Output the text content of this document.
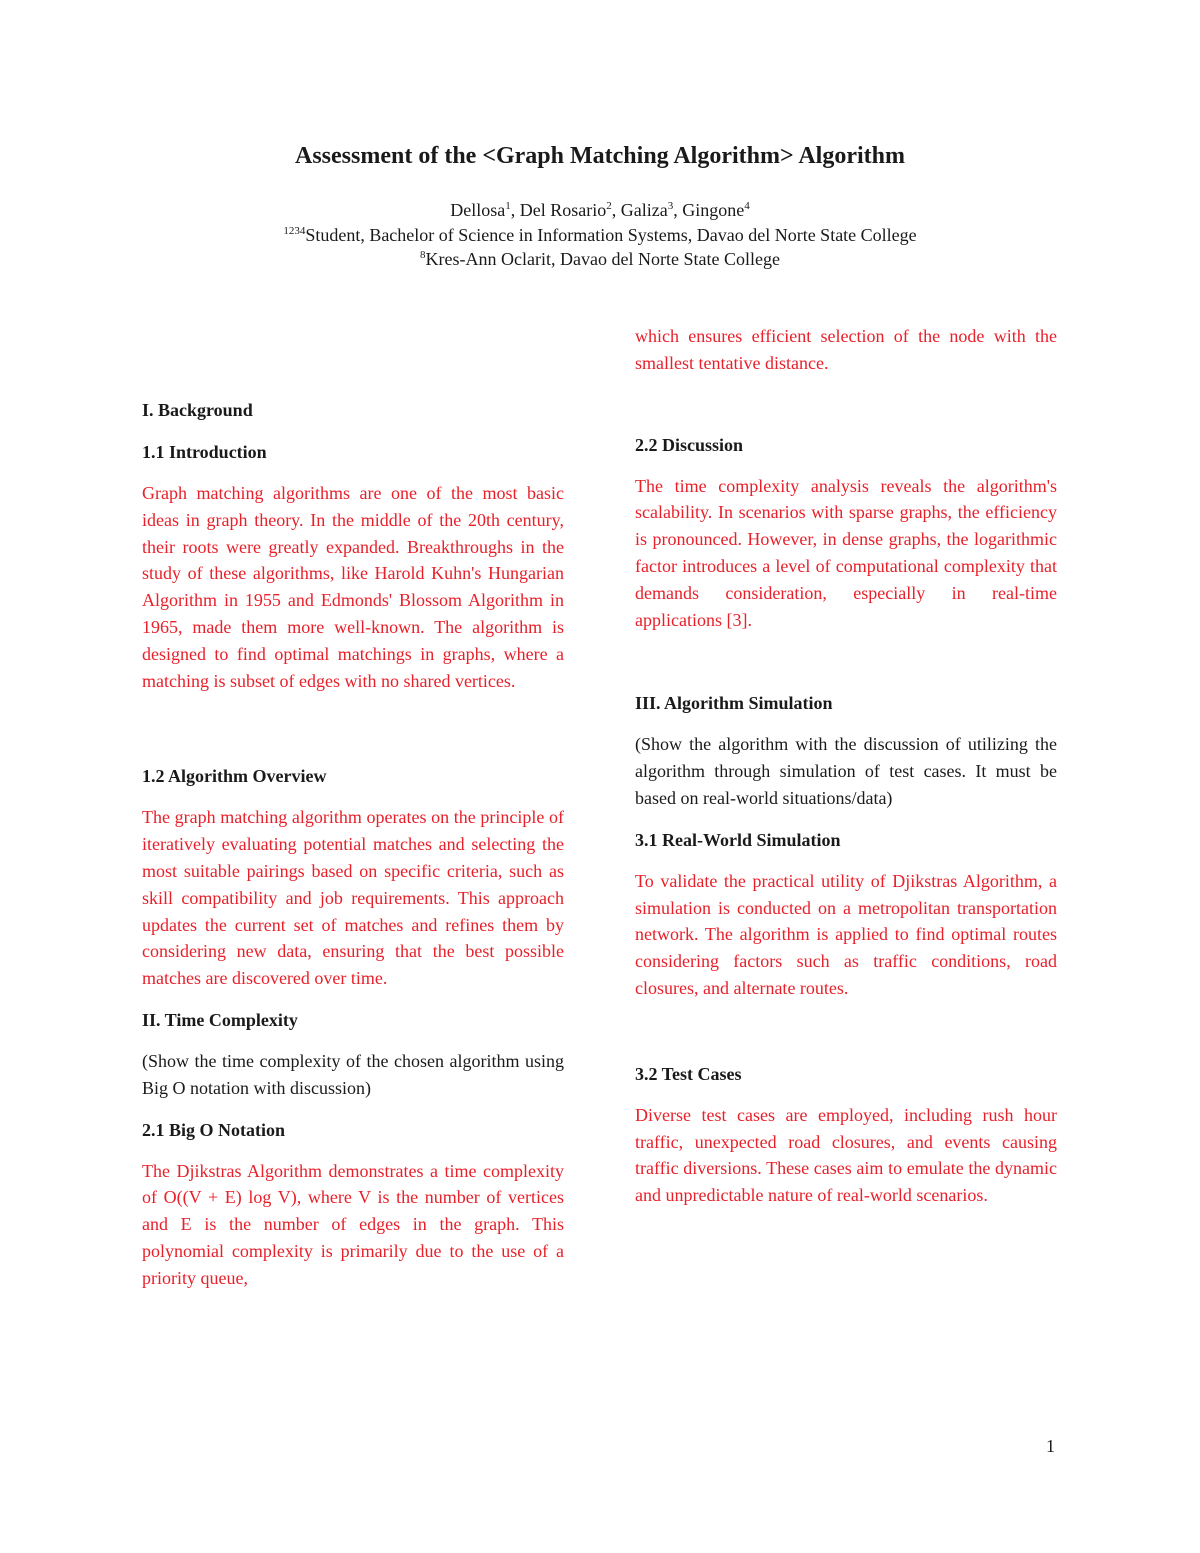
Assessment of the <Graph Matching Algorithm> Algorithm
Dellosa$^1$, Del Rosario$^2$, Galiza$^3$, Gingone$^4$
$^{1234}$Student, Bachelor of Science in Information Systems, Davao del Norte State College
$^8$Kres-Ann Oclarit, Davao del Norte State College
I. Background
1.1 Introduction

Graph matching algorithms are one of the most basic ideas in graph theory. In the middle of the 20th century, their roots were greatly expanded. Breakthroughs in the study of these algorithms, like Harold Kuhn's Hungarian Algorithm in 1955 and Edmonds' Blossom Algorithm in 1965, made them more well-known. The algorithm is designed to find optimal matchings in graphs, where a matching is subset of edges with no shared vertices.

1.2 Algorithm Overview

The graph matching algorithm operates on the principle of iteratively evaluating potential matches and selecting the most suitable pairings based on specific criteria, such as skill compatibility and job requirements. This approach updates the current set of matches and refines them by considering new data, ensuring that the best possible matches are discovered over time.

II. Time Complexity

(Show the time complexity of the chosen algorithm using Big O notation with discussion)

2.1 Big O Notation

The Djikstras Algorithm demonstrates a time complexity of O((V + E) log V), where V is the number of vertices and E is the number of edges in the graph. This polynomial complexity is primarily due to the use of a priority queue,

which ensures efficient selection of the node with the smallest tentative distance.

2.2 Discussion

The time complexity analysis reveals the algorithm's scalability. In scenarios with sparse graphs, the efficiency is pronounced. However, in dense graphs, the logarithmic factor introduces a level of computational complexity that demands consideration, especially in real-time applications [3].

III. Algorithm Simulation

(Show the algorithm with the discussion of utilizing the algorithm through simulation of test cases. It must be based on real-world situations/data)

3.1 Real-World Simulation

To validate the practical utility of Djikstras Algorithm, a simulation is conducted on a metropolitan transportation network. The algorithm is applied to find optimal routes considering factors such as traffic conditions, road closures, and alternate routes.

3.2 Test Cases

Diverse test cases are employed, including rush hour traffic, unexpected road closures, and events causing traffic diversions. These cases aim to emulate the dynamic and unpredictable nature of real-world scenarios.

1
